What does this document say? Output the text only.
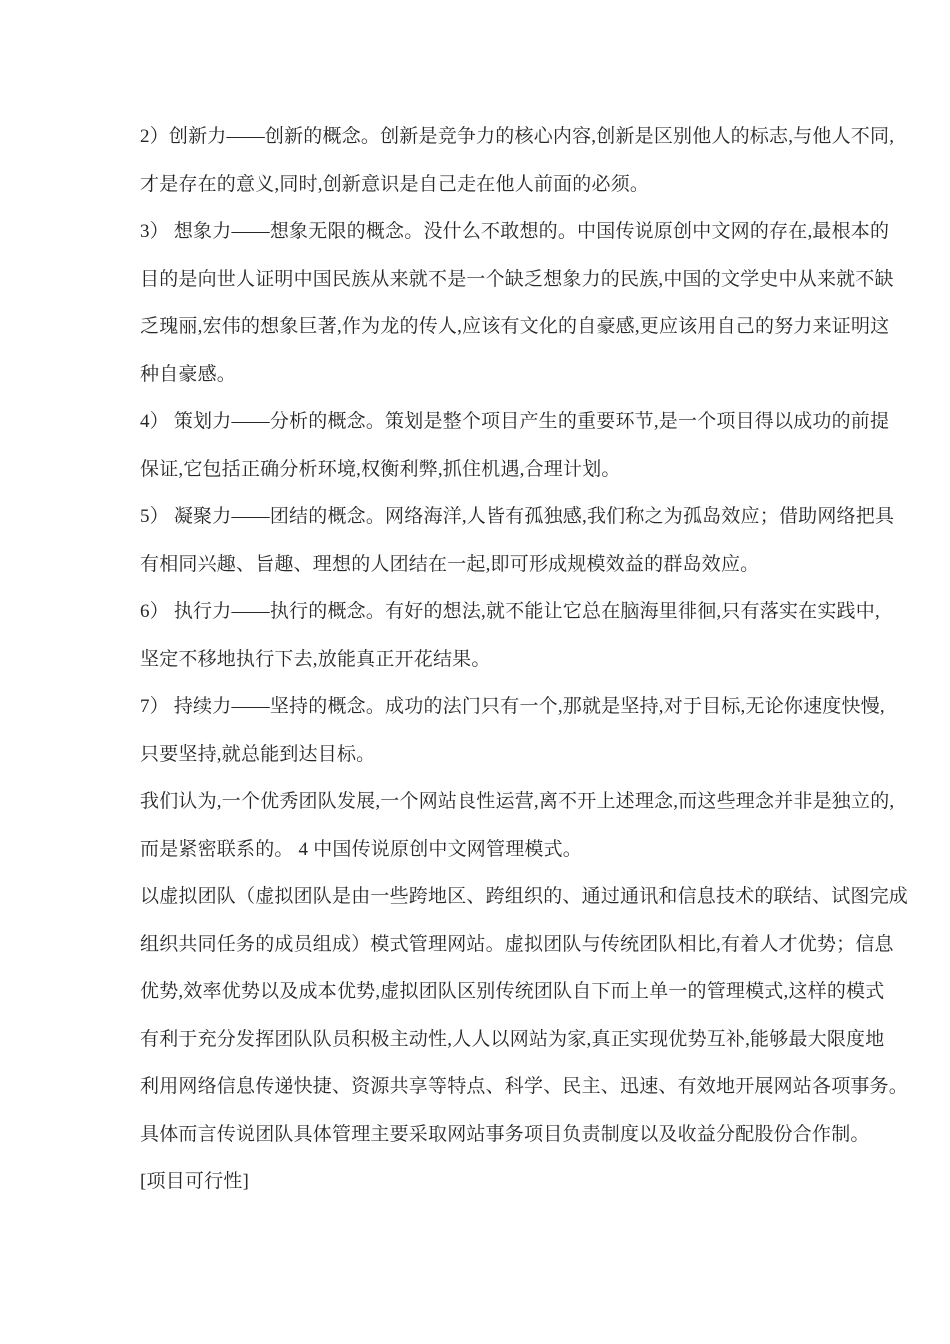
2）创新力——创新的概念。创新是竞争力的核心内容,创新是区别他人的标志,与他人不同,
才是存在的意义,同时,创新意识是自己走在他人前面的必须。
3） 想象力——想象无限的概念。没什么不敢想的。中国传说原创中文网的存在,最根本的
目的是向世人证明中国民族从来就不是一个缺乏想象力的民族,中国的文学史中从来就不缺
乏瑰丽,宏伟的想象巨著,作为龙的传人,应该有文化的自豪感,更应该用自己的努力来证明这
种自豪感。
4） 策划力——分析的概念。策划是整个项目产生的重要环节,是一个项目得以成功的前提
保证,它包括正确分析环境,权衡利弊,抓住机遇,合理计划。
5） 凝聚力——团结的概念。网络海洋,人皆有孤独感,我们称之为孤岛效应；借助网络把具
有相同兴趣、旨趣、理想的人团结在一起,即可形成规模效益的群岛效应。
6） 执行力——执行的概念。有好的想法,就不能让它总在脑海里徘徊,只有落实在实践中,
坚定不移地执行下去,放能真正开花结果。
7） 持续力——坚持的概念。成功的法门只有一个,那就是坚持,对于目标,无论你速度快慢,
只要坚持,就总能到达目标。
我们认为,一个优秀团队发展,一个网站良性运营,离不开上述理念,而这些理念并非是独立的,
而是紧密联系的。 4 中国传说原创中文网管理模式。
以虚拟团队（虚拟团队是由一些跨地区、跨组织的、通过通讯和信息技术的联结、试图完成
组织共同任务的成员组成）模式管理网站。虚拟团队与传统团队相比,有着人才优势；信息
优势,效率优势以及成本优势,虚拟团队区别传统团队自下而上单一的管理模式,这样的模式
有利于充分发挥团队队员积极主动性,人人以网站为家,真正实现优势互补,能够最大限度地
利用网络信息传递快捷、资源共享等特点、科学、民主、迅速、有效地开展网站各项事务。
具体而言传说团队具体管理主要采取网站事务项目负责制度以及收益分配股份合作制。
[项目可行性]
